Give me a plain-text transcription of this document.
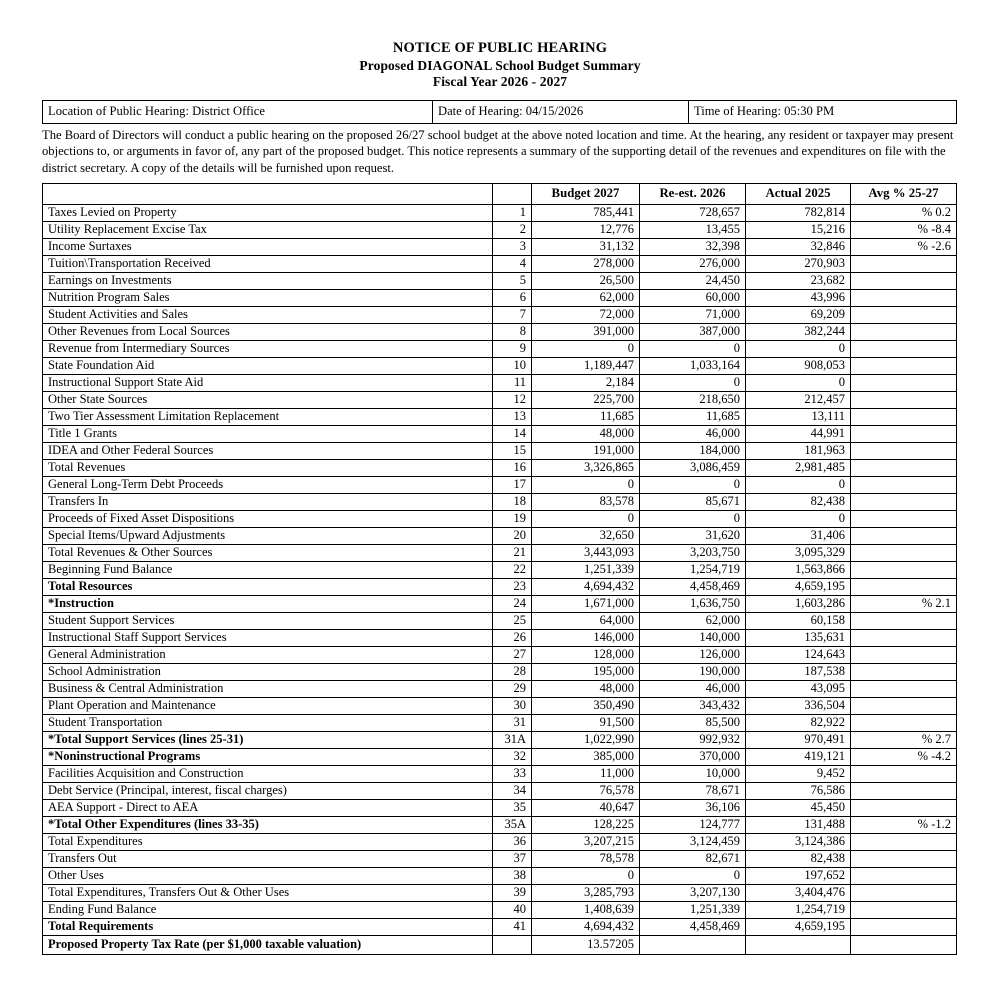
NOTICE OF PUBLIC HEARING
Proposed DIAGONAL School Budget Summary
Fiscal Year 2026 - 2027
Location of Public Hearing: District Office	Date of Hearing: 04/15/2026	Time of Hearing: 05:30 PM
The Board of Directors will conduct a public hearing on the proposed 26/27 school budget at the above noted location and time. At the hearing, any resident or taxpayer may present objections to, or arguments in favor of, any part of the proposed budget. This notice represents a summary of the supporting detail of the revenues and expenditures on file with the district secretary. A copy of the details will be furnished upon request.
		Budget 2027	Re-est. 2026	Actual 2025	Avg % 25-27
Taxes Levied on Property	1	785,441	728,657	782,814	% 0.2
Utility Replacement Excise Tax	2	12,776	13,455	15,216	% -8.4
Income Surtaxes	3	31,132	32,398	32,846	% -2.6
Tuition\Transportation Received	4	278,000	276,000	270,903	
Earnings on Investments	5	26,500	24,450	23,682	
Nutrition Program Sales	6	62,000	60,000	43,996	
Student Activities and Sales	7	72,000	71,000	69,209	
Other Revenues from Local Sources	8	391,000	387,000	382,244	
Revenue from Intermediary Sources	9	0	0	0	
State Foundation Aid	10	1,189,447	1,033,164	908,053	
Instructional Support State Aid	11	2,184	0	0	
Other State Sources	12	225,700	218,650	212,457	
Two Tier Assessment Limitation Replacement	13	11,685	11,685	13,111	
Title 1 Grants	14	48,000	46,000	44,991	
IDEA and Other Federal Sources	15	191,000	184,000	181,963	
Total Revenues	16	3,326,865	3,086,459	2,981,485	
General Long-Term Debt Proceeds	17	0	0	0	
Transfers In	18	83,578	85,671	82,438	
Proceeds of Fixed Asset Dispositions	19	0	0	0	
Special Items/Upward Adjustments	20	32,650	31,620	31,406	
Total Revenues & Other Sources	21	3,443,093	3,203,750	3,095,329	
Beginning Fund Balance	22	1,251,339	1,254,719	1,563,866	
Total Resources	23	4,694,432	4,458,469	4,659,195	
*Instruction	24	1,671,000	1,636,750	1,603,286	% 2.1
Student Support Services	25	64,000	62,000	60,158	
Instructional Staff Support Services	26	146,000	140,000	135,631	
General Administration	27	128,000	126,000	124,643	
School Administration	28	195,000	190,000	187,538	
Business & Central Administration	29	48,000	46,000	43,095	
Plant Operation and Maintenance	30	350,490	343,432	336,504	
Student Transportation	31	91,500	85,500	82,922	
*Total Support Services (lines 25-31)	31A	1,022,990	992,932	970,491	% 2.7
*Noninstructional Programs	32	385,000	370,000	419,121	% -4.2
Facilities Acquisition and Construction	33	11,000	10,000	9,452	
Debt Service (Principal, interest, fiscal charges)	34	76,578	78,671	76,586	
AEA Support - Direct to AEA	35	40,647	36,106	45,450	
*Total Other Expenditures (lines 33-35)	35A	128,225	124,777	131,488	% -1.2
Total Expenditures	36	3,207,215	3,124,459	3,124,386	
Transfers Out	37	78,578	82,671	82,438	
Other Uses	38	0	0	197,652	
Total Expenditures, Transfers Out & Other Uses	39	3,285,793	3,207,130	3,404,476	
Ending Fund Balance	40	1,408,639	1,251,339	1,254,719	
Total Requirements	41	4,694,432	4,458,469	4,659,195	
Proposed Property Tax Rate (per $1,000 taxable valuation)		13.57205			
